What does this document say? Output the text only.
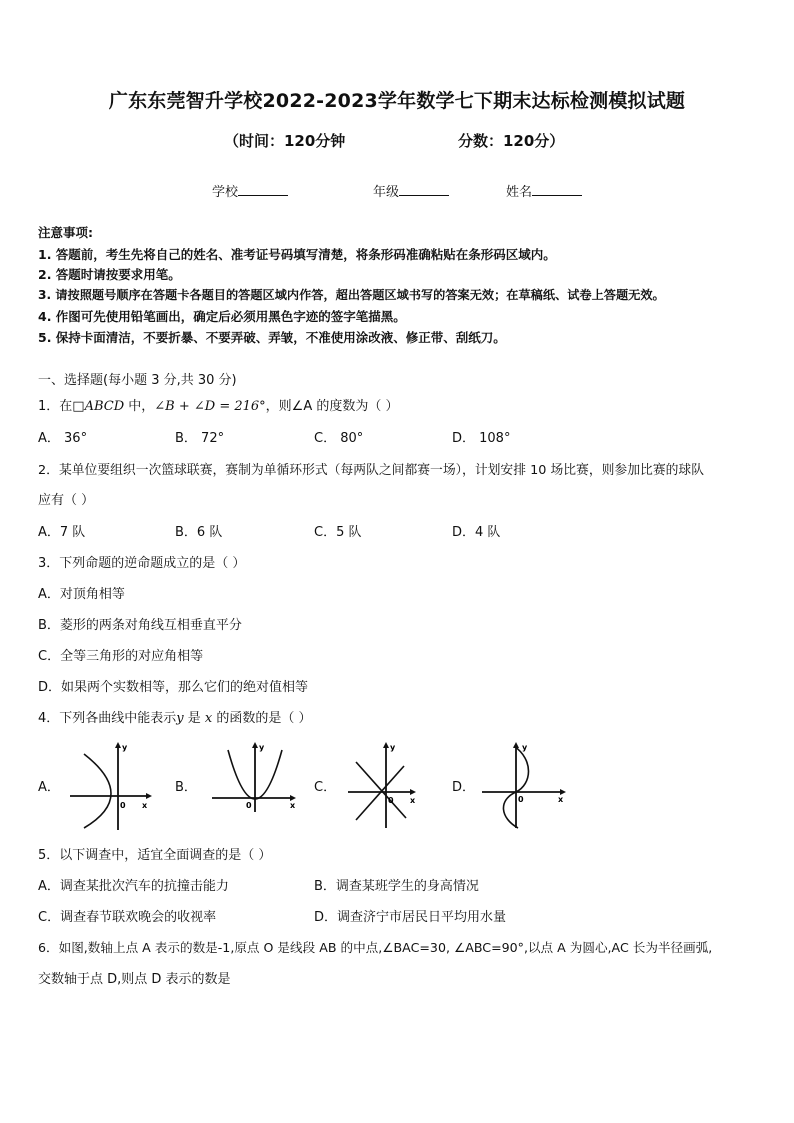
广东东莞智升学校2022-2023学年数学七下期末达标检测模拟试题
（时间：120分钟	分数：120分）
学校	年级	姓名
注意事项:
1. 答题前，考生先将自己的姓名、准考证号码填写清楚，将条形码准确粘贴在条形码区域内。
2. 答题时请按要求用笔。
3. 请按照题号顺序在答题卡各题目的答题区域内作答，超出答题区域书写的答案无效；在草稿纸、试卷上答题无效。
4. 作图可先使用铅笔画出，确定后必须用黑色字迹的签字笔描黑。
5. 保持卡面清洁，不要折暴、不要弄破、弄皱，不准使用涂改液、修正带、刮纸刀。
一、选择题(每小题 3 分,共 30 分)
1．在□ABCD 中，∠B + ∠D = 216°，则∠A 的度数为（ ）
A． 36°	B． 72°	C． 80°	D． 108°
2．某单位要组织一次篮球联赛，赛制为单循环形式（每两队之间都赛一场），计划安排 10 场比赛，则参加比赛的球队
应有（ ）
A．7 队	B．6 队	C．5 队	D．4 队
3．下列命题的逆命题成立的是（ ）
A．对顶角相等
B．菱形的两条对角线互相垂直平分
C．全等三角形的对应角相等
D．如果两个实数相等，那么它们的绝对值相等
4．下列各曲线中能表示y 是 x 的函数的是（ ）
A．	B．	C．	D．
y
0 x
y
0	x
y
0 x
y
0	x
5．以下调查中，适宜全面调查的是（ ）
A．调查某批次汽车的抗撞击能力	B．调查某班学生的身高情况
C．调查春节联欢晚会的收视率	D．调查济宁市居民日平均用水量
6．如图,数轴上点 A 表示的数是-1,原点 O 是线段 AB 的中点,∠BAC=30, ∠ABC=90°,以点 A 为圆心,AC 长为半径画弧,
交数轴于点 D,则点 D 表示的数是
